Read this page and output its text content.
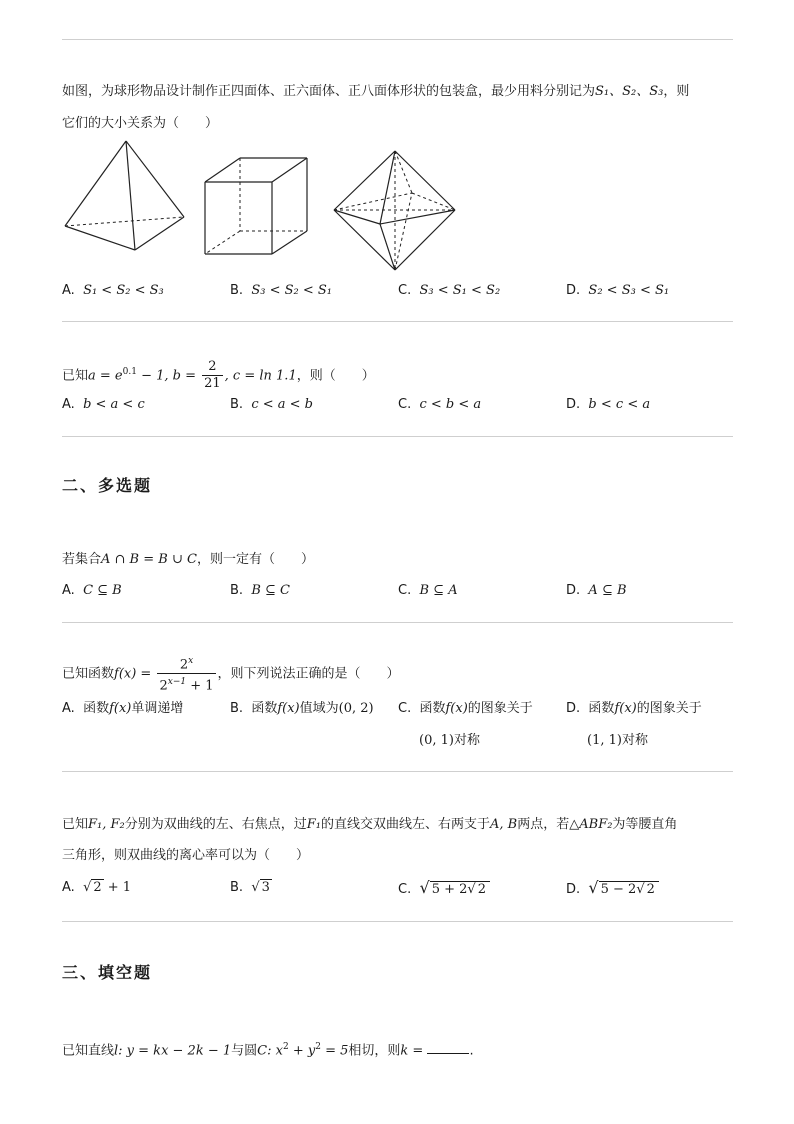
如图，为球形物品设计制作正四面体、正六面体、正八面体形状的包装盒，最少用料分别记为S₁、S₂、S₃，则
它们的大小关系为（　　）
A. S₁ < S₂ < S₃	B. S₃ < S₂ < S₁	C. S₃ < S₁ < S₂	D. S₂ < S₃ < S₁
已知$a = e^{0.1} - 1$, $b = \frac{2}{21}$ , c = ln 1.1，则（　　）
A. b < a < c	B. c < a < b	C. c < b < a	D. b < c < a
二、多选题
若集合A ∩ B = B ∪ C，则一定有（　　）
A. C ⊆ B	B. B ⊆ C	C. B ⊆ A	D. A ⊆ B
已知函数$f(x) = \frac{2^x}{2^{x-1} + 1}$ ，则下列说法正确的是（　　）
A. 函数f(x)单调递增	B. 函数f(x)值域为(0, 2) C. 函数f(x)的图象关于
(0, 1)对称
D. 函数f(x)的图象关于
(1, 1)对称
已知F₁, F₂分别为双曲线的左、右焦点，过F₁的直线交双曲线左、右两支于A, B两点，若△ABF₂为等腰直角
三角形，则双曲线的离心率可以为（　　）
A. √ 2 + 1	B. √ 3	C. √ 5 + 2√ 2	D. √ 5 − 2√ 2
三、填空题
已知直线l: y = kx − 2k − 1与圆C: $x^2 + y^2 = 5$相切，则k =	.
